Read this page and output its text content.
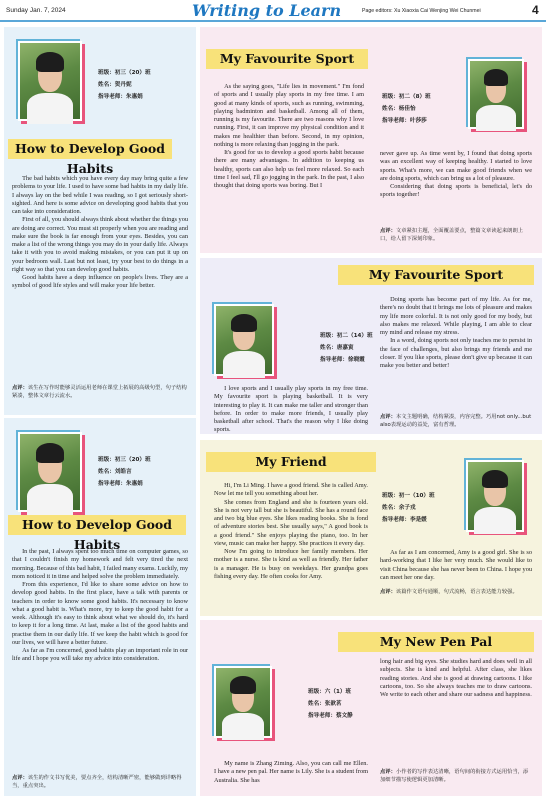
Sunday Jan. 7, 2024	Writing to Learn	Page editors: Xu Xiaoxia Cai Wenjing Wei Chunmei	4
班级：初三（20）班
姓名：贺丹妮
指导老师：朱惠娟
How to Develop Good Habits

The bad habits which you have every day may bring quite a few problems to your life. I used to have some bad habits in my daily life. I always lay on the bed while I was reading, so I got seriously short-sighted. And here is some advice on developing good habits that you can take into consideration.

First of all, you should always think about whether the things you are doing are correct. You must sit properly when you are reading and make sure the book is far enough from your eyes. Besides, you can make a list of the wrong things you may do in your daily life. Always take it with you to avoid making mistakes, or you can put it up on your bedroom wall. Last but not least, try your best to do things in a right way so that you can develop good habits.

Good habits have a deep influence on people's lives. They are a symbol of good life styles and will make your life better.

点评：该生在写作时能够灵活运用老师在课堂上拓展的高级句型，句子结构紧凑，整体文章行云流水。
班级：初三（20）班
姓名：刘皓言
指导老师：朱惠娟
How to Develop Good Habits

In the past, I always spent too much time on computer games, so that I couldn't finish my homework and felt very tired the next morning. Because of this bad habit, I failed many exams. Luckily, my mom noticed it in time and helped solve the problem immediately.

From this experience, I'd like to share some advice on how to develop good habits. In the first place, have a talk with parents or teachers in order to know some good habits. It's necessary to know what a good habit is. What's more, try to keep the good habit for a week. Although it's easy to think about what we should do, it's hard to keep it for a long time. At last, make a list of the good habits and practise them in our daily life. If we keep the habit which is good for our lives, we will have a better future.

As far as I'm concerned, good habits play an important role in our life and I hope you will take my advice into consideration.

点评：该生的作文书写优美，要点齐全，结构清晰严密，能够做到详略得当，重点突出。
My Favourite Sport

As the saying goes, "Life lies in movement." I'm fond of sports and I usually play sports in my free time. I am good at many kinds of sports, such as running, swimming, playing badminton and basketball. Among all of them, running is my favourite. There are two reasons why I love running. First, it can improve my physical condition and it makes me healthier than before. Second, in my opinion, nothing is more relaxing than jogging in the park.

It's good for us to develop a good sports habit because there are many advantages. In addition to keeping us healthy, sports can also help us feel more relaxed. So each time I feel sad, I'll go jogging in the park. In the past, I also thought that doing sports was boring. But I

班级：初二（8）班
姓名：杨佳怡
指导老师：叶莎莎

never gave up. As time went by, I found that doing sports was an excellent way of keeping healthy. I started to love sports. What's more, we can make good friends when we are doing sports, which can bring us a lot of pleasure.

Considering that doing sports is beneficial, let's do sports together!

点评：文章紧扣主题，全面覆盖要点，整篇文章读起来朗朗上口，给人留下深刻印象。
My Favourite Sport
班级：初二（14）班
姓名：唐嘉寅
指导老师：徐晓霞

I love sports and I usually play sports in my free time. My favourite sport is playing basketball. It is very interesting to play it. It can make me taller and stronger than before. In order to make more friends, I usually play basketball after school. That's the reason why I like doing sports.

Doing sports has become part of my life. As for me, there's no doubt that it brings me lots of pleasure and makes my life more colorful. It is not only good for my body, but also makes me relaxed. While playing, I am able to clear my mind and release my stress.

In a word, doing sports not only teaches me to persist in the face of challenges, but also brings my friends and me closer. If you like sports, please don't give up because it can make you better and better!

点评：本文主题明确，结构紧凑，内容完整。巧用not only...but also表现运动的益处，富有哲理。
My Friend

Hi, I'm Li Ming. I have a good friend. She is called Amy. Now let me tell you something about her.

She comes from England and she is fourteen years old. She is not very tall but she is beautiful. She has a round face and two big blue eyes. She likes reading books. She is fond of adventure stories best. She usually says," A good book is a good friend." She enjoys playing the piano, too. In her view, music can make her happy. She practices it every day.

Now I'm going to introduce her family members. Her mother is a nurse. She is kind as well as friendly. Her father is a manager. He is busy on weekdays. Her grandpa goes fishing every day. He often cooks for Amy.

班级：初一（10）班
姓名：余子戎
指导老师：李是媛

As far as I am concerned, Amy is a good girl. She is so hard-working that I like her very much. She would like to visit China because she has never been to China. I hope you can meet her one day.

点评：该篇作文语句通顺，句式流畅，语言表达能力较强。
My New Pen Pal
班级：六（1）班
姓名：张歆茗
指导老师：蔡文静

My name is Zhang Ziming. Also, you can call me Ellen. I have a new pen pal. Her name is Lily. She is a student from Australia. She has

long hair and big eyes. She studies hard and does well in all subjects. She is kind and helpful. After class, she likes reading stories. And she is good at drawing cartoons. I like cartoons, too. So she always teaches me to draw cartoons. We write to each other and share our sadness and happiness.

点评：小作者的写作表达清晰，语句间的衔接方式运用恰当，添加细节描写使逻辑更加清晰。
